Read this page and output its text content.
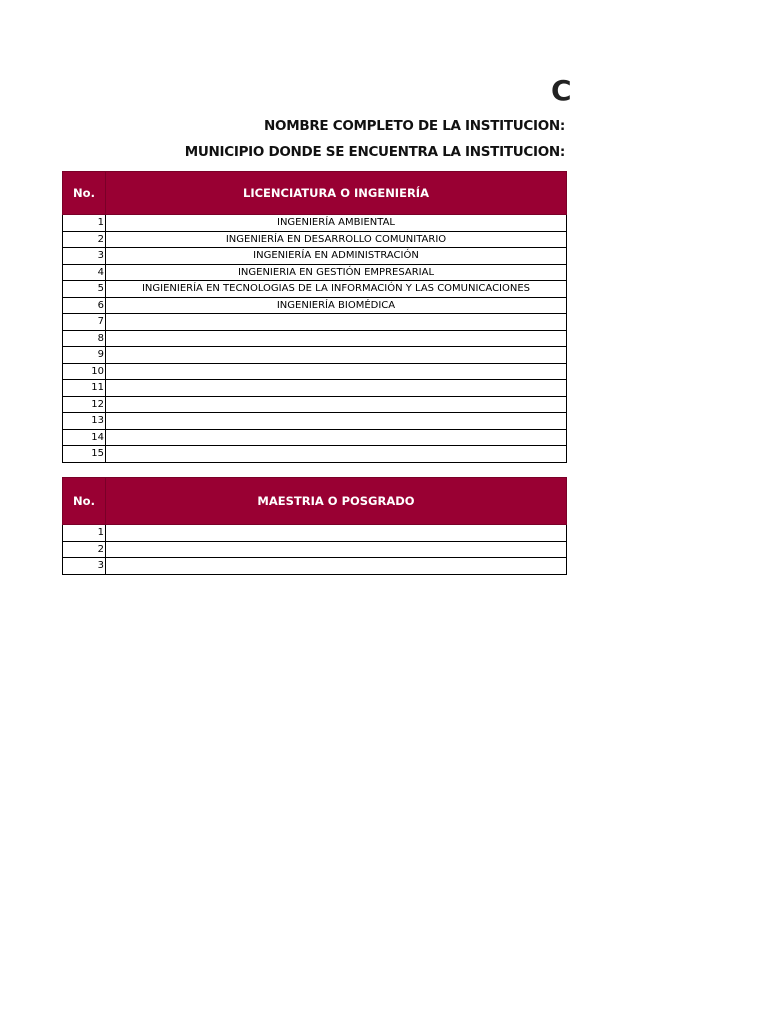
C
NOMBRE COMPLETO DE LA INSTITUCION:
MUNICIPIO DONDE SE ENCUENTRA LA INSTITUCION:
No.	LICENCIATURA O INGENIERÍA
1	INGENIERÍA AMBIENTAL
2	INGENIERÍA EN DESARROLLO COMUNITARIO
3	INGENIERÍA EN ADMINISTRACIÓN
4	INGENIERIA EN GESTIÓN EMPRESARIAL
5	INGIENIERÍA EN TECNOLOGIAS DE LA INFORMACIÓN Y LAS COMUNICACIONES
6	INGENIERÍA BIOMÉDICA
7	
8	
9	
10	
11	
12	
13	
14	
15	
No.	MAESTRIA O POSGRADO
1	
2	
3	
